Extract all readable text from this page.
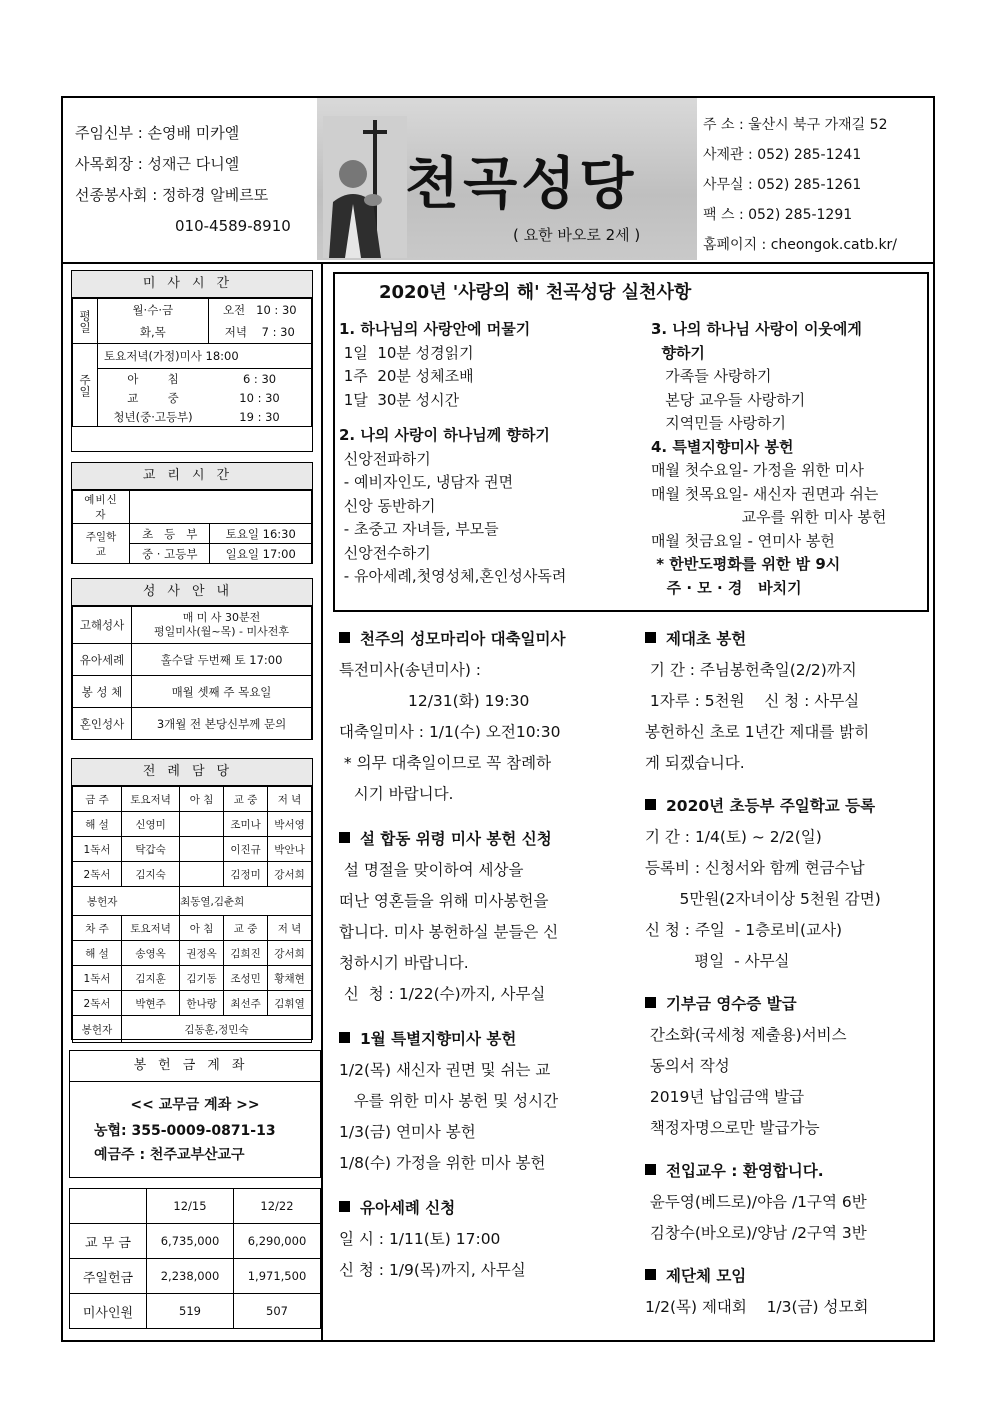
주임신부 : 손영배 미카엘
사목회장 : 성재근 다니엘
선종봉사회 : 정하경 알베르또
010-4589-8910
천곡성당
( 요한 바오로 2세 )
주 소 : 울산시 북구 가재길 52
사제관 : 052) 285-1241
사무실 : 052) 285-1261
팩 스 : 052) 285-1291
홈페이지 : cheongok.catb.kr/
미사시간
평일	월·수·금	오전   10 : 30
	화,목	저녁    7 : 30
주일	토요저녁(가정)미사 18:00	
	아        침	6 : 30
	교        중	10 : 30
	청년(중·고등부)	19 : 30
교리시간
예비신자		
주일학교	초   등   부	토요일 16:30
	중 · 고등부	일요일 17:00
성사안내
고해성사	매 미 사 30분전
평일미사(월~목) - 미사전후
유아세례	홀수달 두번째 토 17:00
봉 성 체	매월 셋째 주 목요일
혼인성사	3개월 전 본당신부께 문의
전례담당
금 주	토요저녁	아 침	교 중	저 녁
해 설	신영미		조미나	박서영
1독서	탁갑숙		이진규	박안나
2독서	김지숙		김정미	강서희
봉헌자		최동열,김춘희		
차 주	토요저녁	아 침	교 중	저 녁
해 설	송영옥	권정옥	김희진	강서희
1독서	김지훈	김기동	조성민	황채현
2독서	박현주	한나랑	최선주	김휘열
봉헌자	김동훈,정민숙			
봉헌금계좌
<< 교무금 계좌 >>
농협: 355-0009-0871-13
예금주 : 천주교부산교구
	12/15	12/22
교 무 금	6,735,000	6,290,000
주일헌금	2,238,000	1,971,500
미사인원	519	507
2020년 '사랑의 해' 천곡성당 실천사항
1. 하나님의 사랑안에 머물기
1일  10분 성경읽기
1주  20분 성체조배
1달  30분 성시간
2. 나의 사랑이 하나님께 향하기
신앙전파하기
- 예비자인도, 냉담자 권면
신앙 동반하기
- 초중고 자녀들, 부모들
신앙전수하기
- 유아세례,첫영성체,혼인성사독려
3. 나의 하나님 사랑이 이웃에게
향하기
가족들 사랑하기
본당 교우들 사랑하기
지역민들 사랑하기
4. 특별지향미사 봉헌
매월 첫수요일- 가정을 위한 미사
매월 첫목요일- 새신자 권면과 쉬는
교우를 위한 미사 봉헌
매월 첫금요일 - 연미사 봉헌
* 한반도평화를 위한 밤 9시
주 · 모 · 경   바치기
천주의 성모마리아 대축일미사
특전미사(송년미사) :
12/31(화) 19:30
대축일미사 : 1/1(수) 오전10:30
* 의무 대축일이므로 꼭 참례하
시기 바랍니다.
설 합동 위령 미사 봉헌 신청
설 명절을 맞이하여 세상을
떠난 영혼들을 위해 미사봉헌을
합니다. 미사 봉헌하실 분들은 신
청하시기 바랍니다.
신  청 : 1/22(수)까지, 사무실
1월 특별지향미사 봉헌
1/2(목) 새신자 권면 및 쉬는 교
우를 위한 미사 봉헌 및 성시간
1/3(금) 연미사 봉헌
1/8(수) 가정을 위한 미사 봉헌
유아세례 신청
일 시 : 1/11(토) 17:00
신 청 : 1/9(목)까지, 사무실
제대초 봉헌
기 간 : 주님봉헌축일(2/2)까지
1자루 : 5천원    신 청 : 사무실
봉헌하신 초로 1년간 제대를 밝히
게 되겠습니다.
2020년 초등부 주일학교 등록
기 간 : 1/4(토) ~ 2/2(일)
등록비 : 신청서와 함께 현금수납
5만원(2자녀이상 5천원 감면)
신 청 : 주일  - 1층로비(교사)
평일  - 사무실
기부금 영수증 발급
간소화(국세청 제출용)서비스
동의서 작성
2019년 납입금액 발급
책정자명으로만 발급가능
전입교우 : 환영합니다.
윤두영(베드로)/야음 /1구역 6반
김창수(바오로)/양남 /2구역 3반
제단체 모임
1/2(목) 제대회    1/3(금) 성모회
